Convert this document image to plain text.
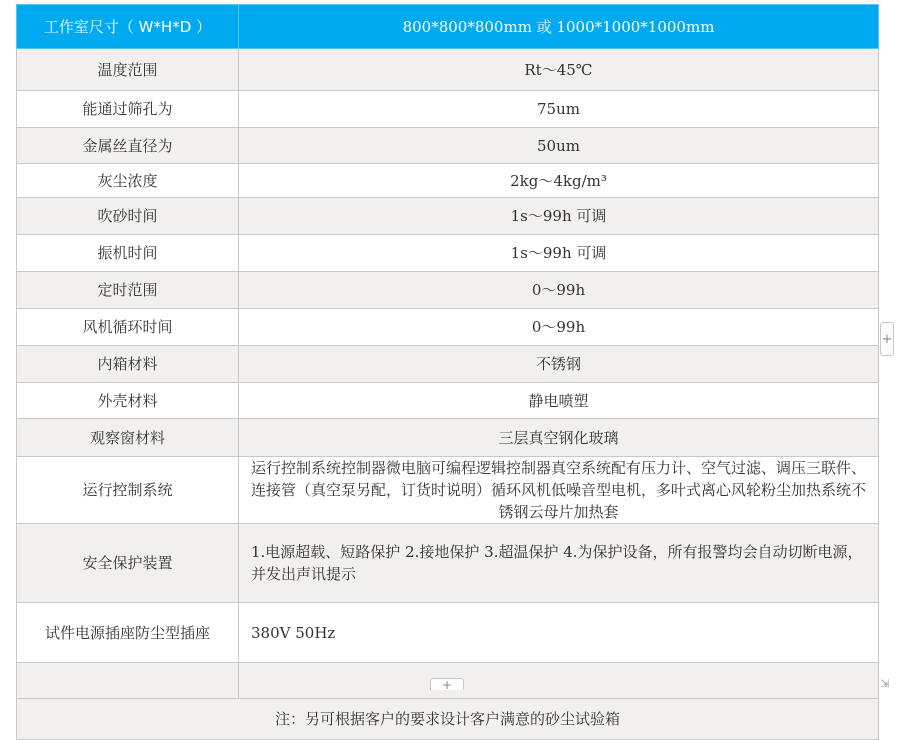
工作室尺寸（ W*H*D ）	800*800*800mm 或 1000*1000*1000mm
温度范围	Rt～45℃
能通过筛孔为	75um
金属丝直径为	50um
灰尘浓度	2kg～4kg/m³
吹砂时间	1s～99h 可调
振机时间	1s～99h 可调
定时范围	0～99h
风机循环时间	0～99h
内箱材料	不锈钢
外壳材料	静电喷塑
观察窗材料	三层真空钢化玻璃
运行控制系统	运行控制系统控制器微电脑可编程逻辑控制器真空系统配有压力计、空气过滤、调压三联件、连接管（真空泵另配，订货时说明）循环风机低噪音型电机，多叶式离心风轮粉尘加热系统不锈钢云母片加热套
安全保护装置	1.电源超载、短路保护 2.接地保护 3.超温保护 4.为保护设备，所有报警均会自动切断电源，并发出声讯提示
试件电源插座防尘型插座	380V 50Hz

注：另可根据客户的要求设计客户满意的砂尘试验箱	
+
+	⇲
